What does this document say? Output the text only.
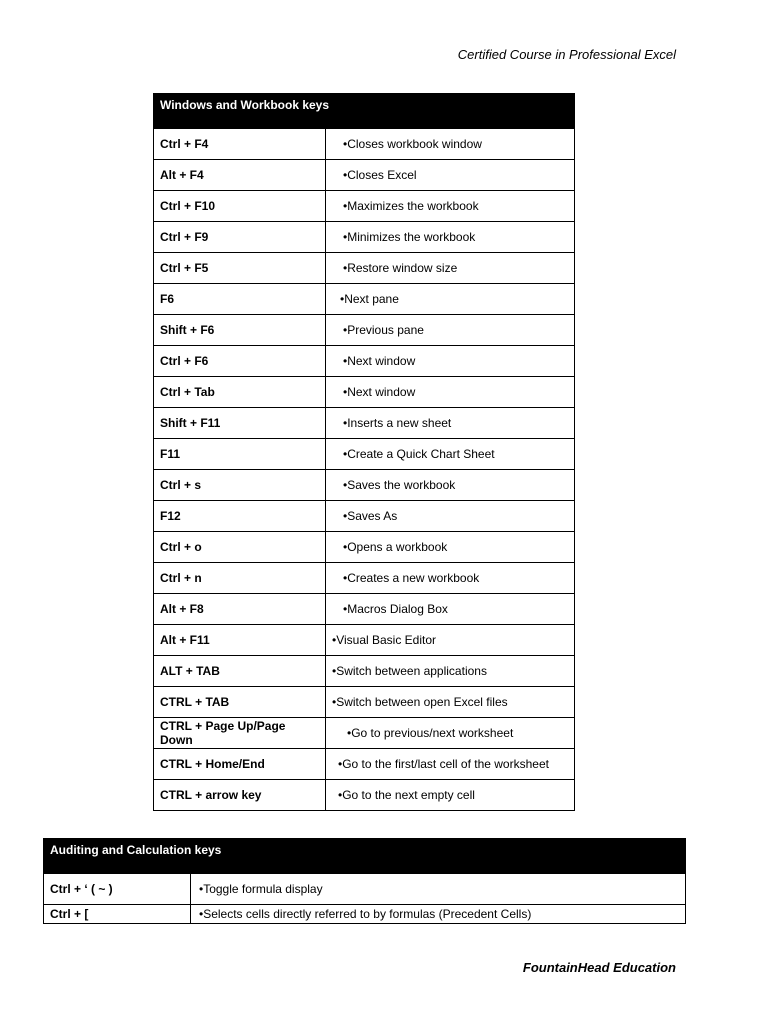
Certified Course in Professional Excel
Windows and Workbook keys	
Ctrl + F4	•Closes workbook window
Alt + F4	•Closes Excel
Ctrl + F10	•Maximizes the workbook
Ctrl + F9	•Minimizes the workbook
Ctrl + F5	•Restore window size
F6	•Next pane
Shift + F6	•Previous pane
Ctrl + F6	•Next window
Ctrl + Tab	•Next window
Shift + F11	•Inserts a new sheet
F11	•Create a Quick Chart Sheet
Ctrl + s	•Saves the workbook
F12	•Saves As
Ctrl + o	•Opens a workbook
Ctrl + n	•Creates a new workbook
Alt + F8	•Macros Dialog Box
Alt + F11	•Visual Basic Editor
ALT + TAB	•Switch between applications
CTRL + TAB	•Switch between open Excel files
CTRL + Page Up/Page Down	•Go to previous/next worksheet
CTRL + Home/End	•Go to the first/last cell of the worksheet
CTRL + arrow key	•Go to the next empty cell
Auditing and Calculation keys	
Ctrl + ‘ ( ~ )	•Toggle formula display
Ctrl + [	•Selects cells directly referred to by formulas (Precedent Cells)
FountainHead Education
